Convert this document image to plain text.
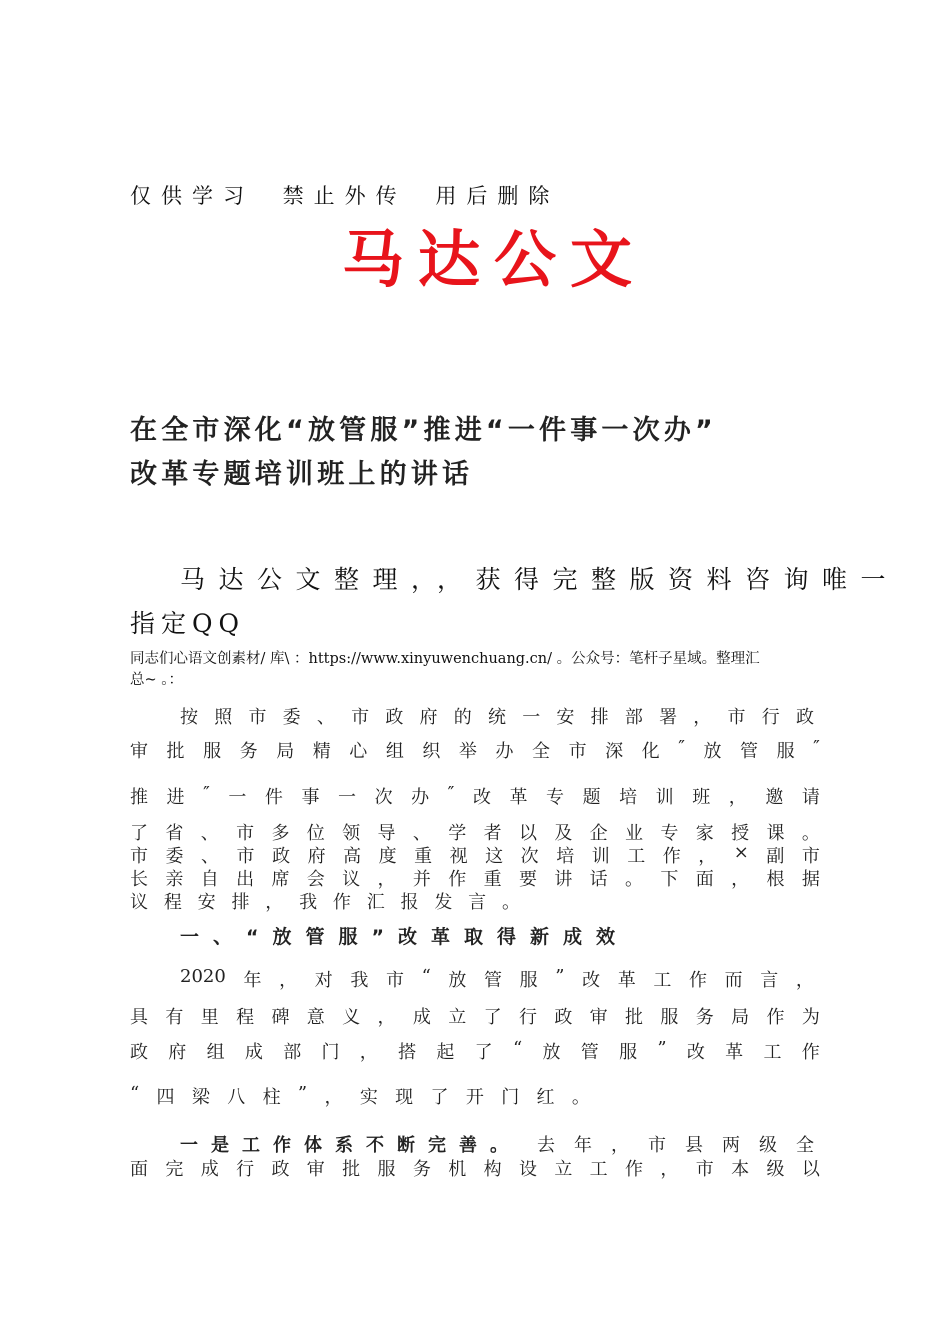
仅供学习 禁止外传 用后删除
马达公文
在全市深化“放管服”推进“一件事一次办”
改革专题培训班上的讲话
马达公文整理，，获得完整版资料咨询唯一
指定QQ
同志们心语文创素材/ 库\ ：https://www.xinyuwenchuang.cn/ 。公众号：笔杆子星域。整理汇
总~ 。：
按 照 市 委 、 市 政 府 的 统 一 安 排 部 署 ， 市 行 政
审 批 服 务 局 精 心 组 织 举 办 全 市 深 化 ″ 放 管 服 ″
推 进 ″ 一 件 事 一 次 办 ″ 改 革 专 题 培 训 班 ， 邀 请
了 省 、 市 多 位 领 导 、 学 者 以 及 企 业 专 家 授 课 。
市 委 、 市 政 府 高 度 重 视 这 次 培 训 工 作 ， × 副 市
长 亲 自 出 席 会 议 ， 并 作 重 要 讲 话 。 下 面 ， 根 据
议 程 安 排 ， 我 作 汇 报 发 言 。
一、“放管服”改革取得新成效
2020 年 ， 对 我 市 “ 放 管 服 ” 改 革 工 作 而 言 ，
具 有 里 程 碑 意 义 ， 成 立 了 行 政 审 批 服 务 局 作 为
政 府 组 成 部 门 ， 搭 起 了 “ 放 管 服 ” 改 革 工 作
“ 四 梁 八 柱 ” ， 实 现 了 开 门 红 。
一是工作体系不断完善。 去 年 ， 市 县 两 级 全
面 完 成 行 政 审 批 服 务 机 构 设 立 工 作 ， 市 本 级 以
